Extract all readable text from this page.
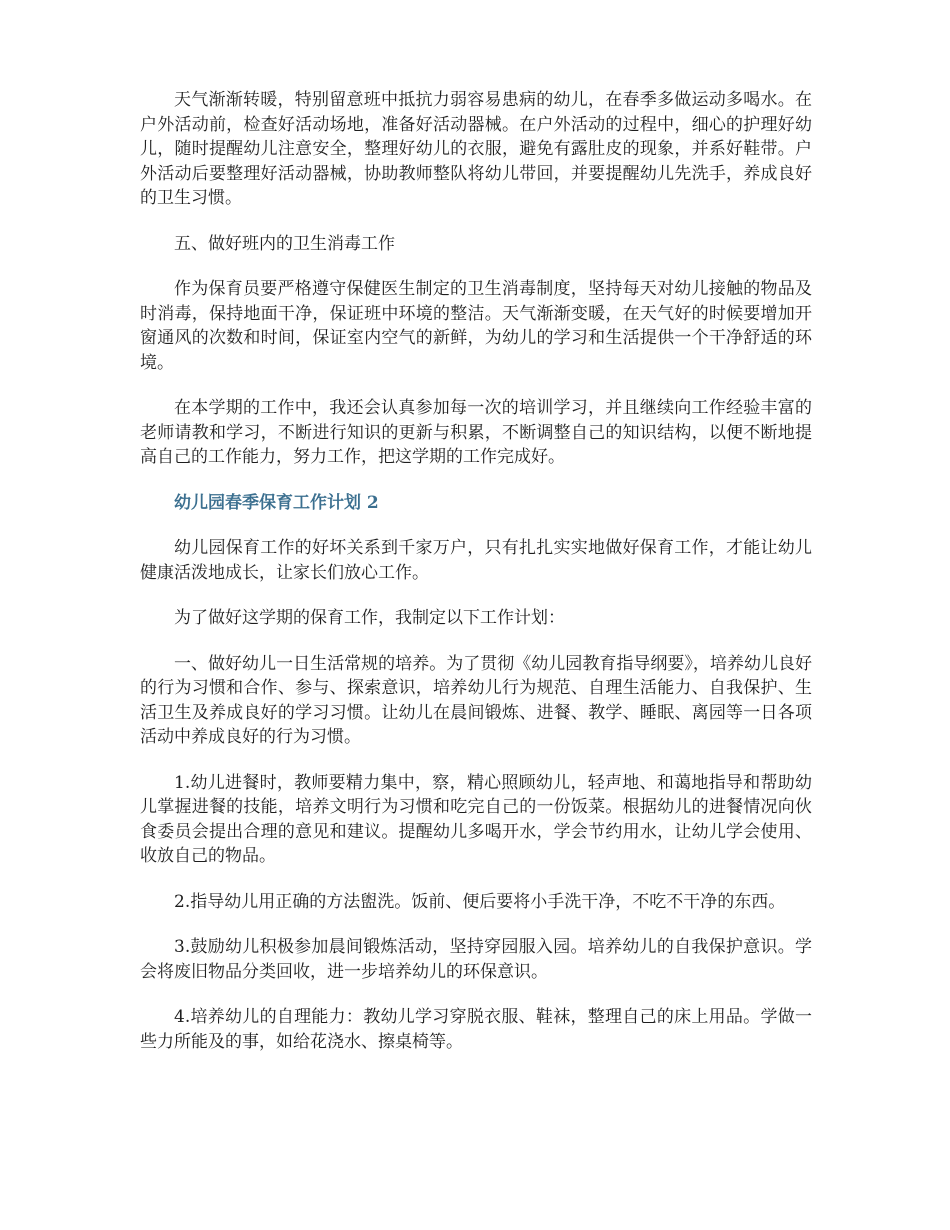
天气渐渐转暖，特别留意班中抵抗力弱容易患病的幼儿，在春季多做运动多喝水。在户外活动前，检查好活动场地，准备好活动器械。在户外活动的过程中，细心的护理好幼儿，随时提醒幼儿注意安全，整理好幼儿的衣服，避免有露肚皮的现象，并系好鞋带。户外活动后要整理好活动器械，协助教师整队将幼儿带回，并要提醒幼儿先洗手，养成良好的卫生习惯。

五、做好班内的卫生消毒工作

作为保育员要严格遵守保健医生制定的卫生消毒制度，坚持每天对幼儿接触的物品及时消毒，保持地面干净，保证班中环境的整洁。天气渐渐变暖，在天气好的时候要增加开窗通风的次数和时间，保证室内空气的新鲜，为幼儿的学习和生活提供一个干净舒适的环境。

在本学期的工作中，我还会认真参加每一次的培训学习，并且继续向工作经验丰富的老师请教和学习，不断进行知识的更新与积累，不断调整自己的知识结构，以便不断地提高自己的工作能力，努力工作，把这学期的工作完成好。

幼儿园春季保育工作计划 2

幼儿园保育工作的好坏关系到千家万户，只有扎扎实实地做好保育工作，才能让幼儿健康活泼地成长，让家长们放心工作。

为了做好这学期的保育工作，我制定以下工作计划：

一、做好幼儿一日生活常规的培养。为了贯彻《幼儿园教育指导纲要》，培养幼儿良好的行为习惯和合作、参与、探索意识，培养幼儿行为规范、自理生活能力、自我保护、生活卫生及养成良好的学习习惯。让幼儿在晨间锻炼、进餐、教学、睡眠、离园等一日各项活动中养成良好的行为习惯。

1.幼儿进餐时，教师要精力集中，察，精心照顾幼儿，轻声地、和蔼地指导和帮助幼儿掌握进餐的技能，培养文明行为习惯和吃完自己的一份饭菜。根据幼儿的进餐情况向伙食委员会提出合理的意见和建议。提醒幼儿多喝开水，学会节约用水，让幼儿学会使用、收放自己的物品。

2.指导幼儿用正确的方法盥洗。饭前、便后要将小手洗干净，不吃不干净的东西。

3.鼓励幼儿积极参加晨间锻炼活动，坚持穿园服入园。培养幼儿的自我保护意识。学会将废旧物品分类回收，进一步培养幼儿的环保意识。

4.培养幼儿的自理能力：教幼儿学习穿脱衣服、鞋袜，整理自己的床上用品。学做一些力所能及的事，如给花浇水、擦桌椅等。
